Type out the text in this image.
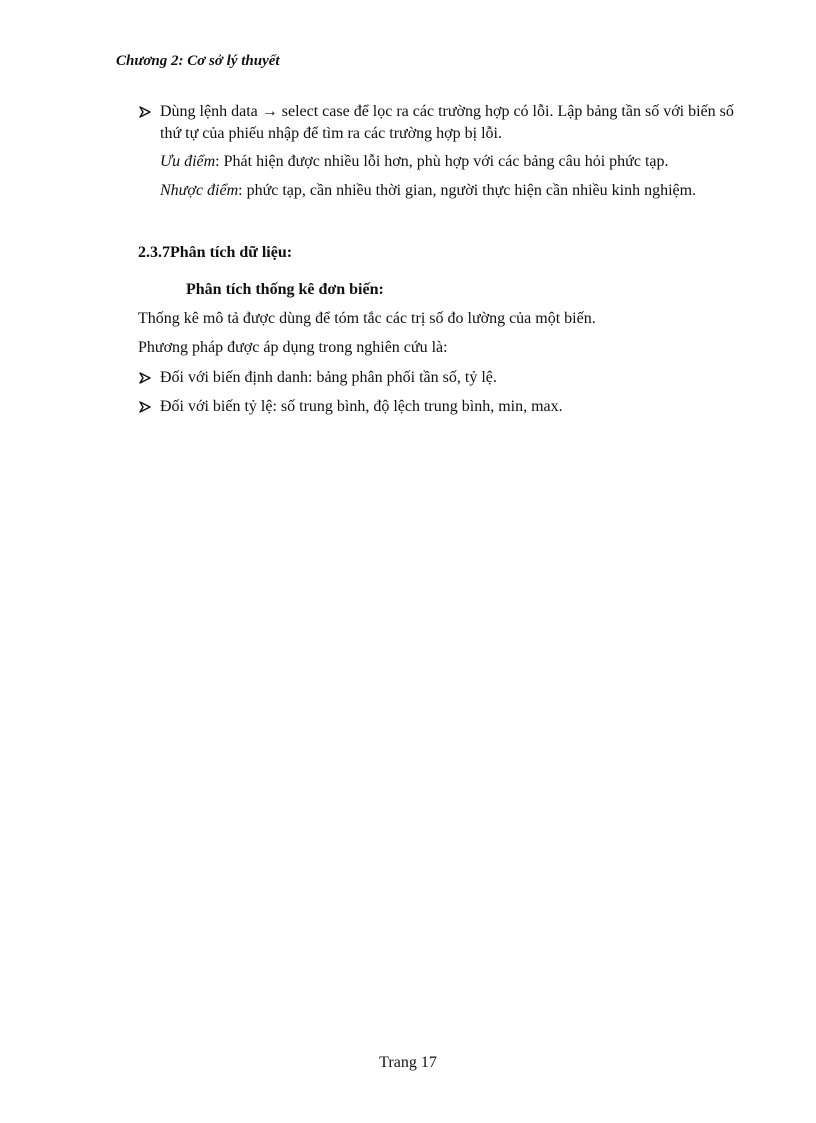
Chương 2: Cơ sở lý thuyết
Dùng lệnh data → select case để lọc ra các trường hợp có lỗi. Lập bảng tần số với biến số thứ tự của phiếu nhập để tìm ra các trường hợp bị lỗi.
Ưu điểm: Phát hiện được nhiều lỗi hơn, phù hợp với các bảng câu hỏi phức tạp.
Nhược điểm: phức tạp, cần nhiều thời gian, người thực hiện cần nhiều kinh nghiệm.
2.3.7Phân tích dữ liệu:
Phân tích thống kê đơn biến:
Thống kê mô tả được dùng để tóm tắc các trị số đo lường của một biến.
Phương pháp được áp dụng trong nghiên cứu là:
Đối với biến định danh: bảng phân phối tần số, tỷ lệ.
Đối với biến tỷ lệ: số trung bình, độ lệch trung bình, min, max.
Trang 17
